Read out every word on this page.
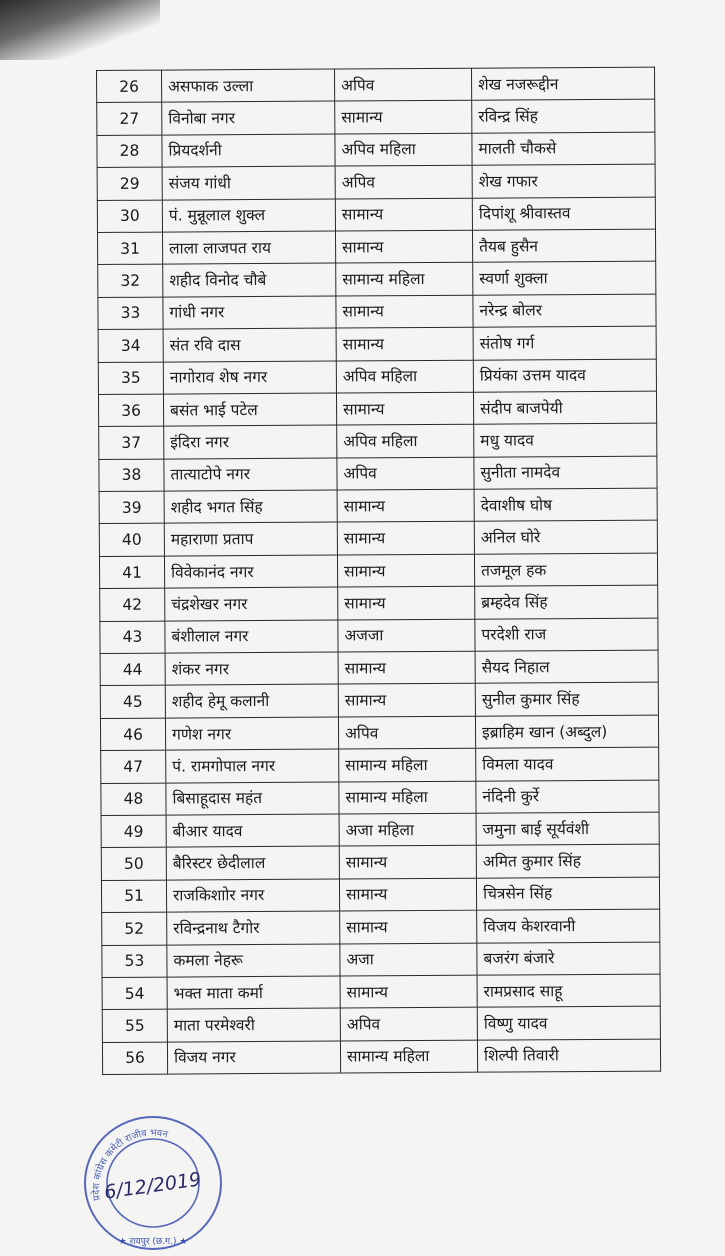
26	असफाक उल्ला	अपिव	शेख नजरूद्दीन
27	विनोबा नगर	सामान्य	रविन्द्र सिंह
28	प्रियदर्शनी	अपिव महिला	मालती चौकसे
29	संजय गांधी	अपिव	शेख गफार
30	पं. मुन्नूलाल शुक्ल	सामान्य	दिपांशू श्रीवास्तव
31	लाला लाजपत राय	सामान्य	तैयब हुसैन
32	शहीद विनोद चौबे	सामान्य महिला	स्वर्णा शुक्ला
33	गांधी नगर	सामान्य	नरेन्द्र बोलर
34	संत रवि दास	सामान्य	संतोष गर्ग
35	नागोराव शेष नगर	अपिव महिला	प्रियंका उत्तम यादव
36	बसंत भाई पटेल	सामान्य	संदीप बाजपेयी
37	इंदिरा नगर	अपिव महिला	मधु यादव
38	तात्याटोपे नगर	अपिव	सुनीता नामदेव
39	शहीद भगत सिंह	सामान्य	देवाशीष घोष
40	महाराणा प्रताप	सामान्य	अनिल घोरे
41	विवेकानंद नगर	सामान्य	तजमूल हक
42	चंद्रशेखर नगर	सामान्य	ब्रम्हदेव सिंह
43	बंशीलाल नगर	अजजा	परदेशी राज
44	शंकर नगर	सामान्य	सैयद निहाल
45	शहीद हेमू कलानी	सामान्य	सुनील कुमार सिंह
46	गणेश नगर	अपिव	इब्राहिम खान (अब्दुल)
47	पं. रामगोपाल नगर	सामान्य महिला	विमला यादव
48	बिसाहूदास महंत	सामान्य महिला	नंदिनी कुर्रे
49	बीआर यादव	अजा महिला	जमुना बाई सूर्यवंशी
50	बैरिस्टर छेदीलाल	सामान्य	अमित कुमार सिंह
51	राजकिशाोर नगर	सामान्य	चित्रसेन सिंह
52	रविन्द्रनाथ टैगोर	सामान्य	विजय केशरवानी
53	कमला नेहरू	अजा	बजरंग बंजारे
54	भक्त माता कर्मा	सामान्य	रामप्रसाद साहू
55	माता परमेश्वरी	अपिव	विष्णु यादव
56	विजय नगर	सामान्य महिला	शिल्पी तिवारी
प्रदेश कांग्रेस कमेटी राजीव भवन
6/12/2019
★ रायपुर (छ.ग.) ★
